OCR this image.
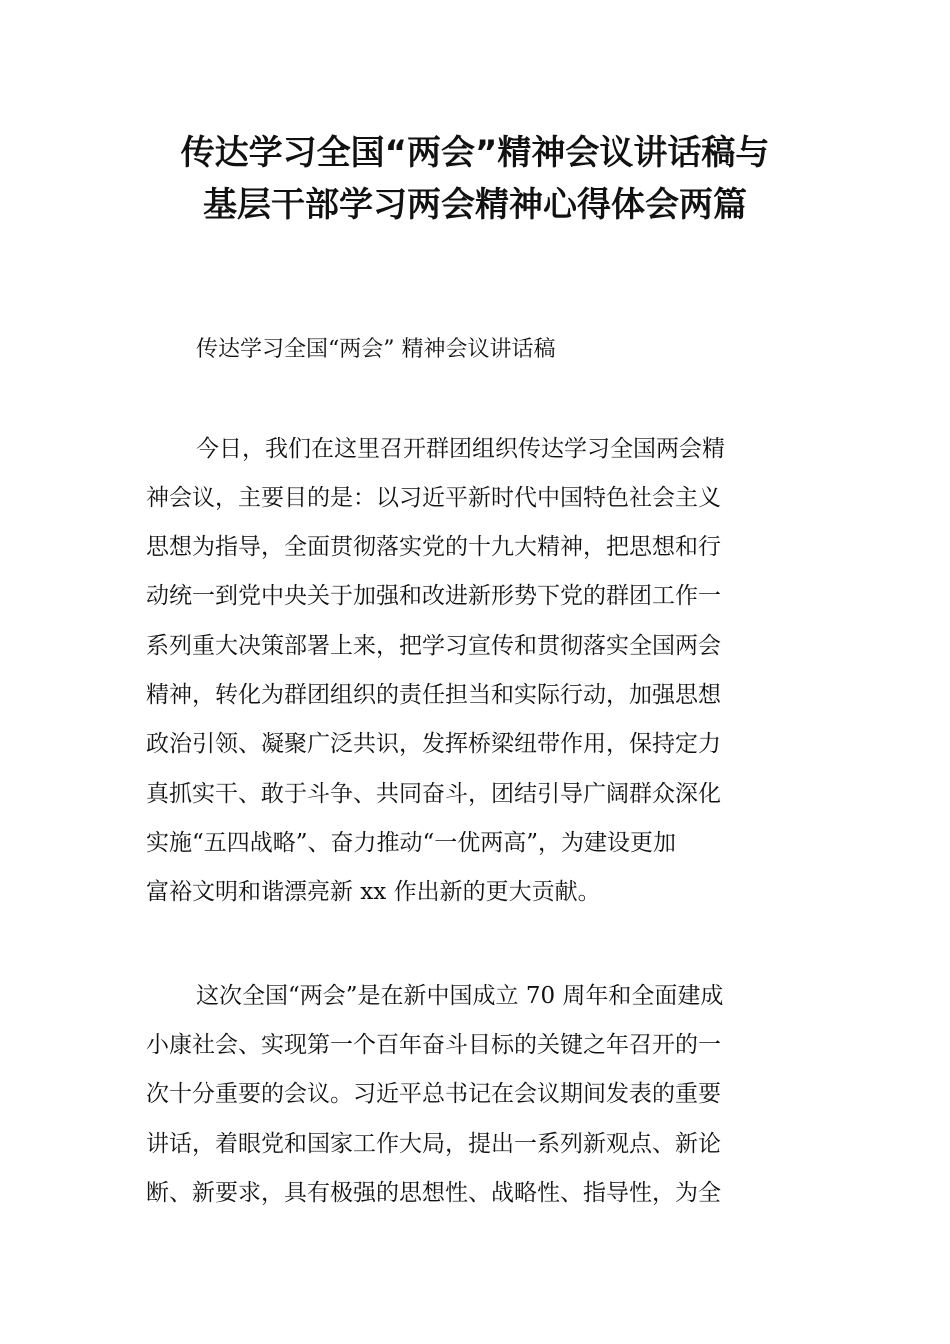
传达学习全国“两会”精神会议讲话稿与
基层干部学习两会精神心得体会两篇
传达学习全国“两会” 精神会议讲话稿
今日，我们在这里召开群团组织传达学习全国两会精
神会议，主要目的是：以习近平新时代中国特色社会主义
思想为指导，全面贯彻落实党的十九大精神，把思想和行
动统一到党中央关于加强和改进新形势下党的群团工作一
系列重大决策部署上来，把学习宣传和贯彻落实全国两会
精神，转化为群团组织的责任担当和实际行动，加强思想
政治引领、凝聚广泛共识，发挥桥梁纽带作用，保持定力
真抓实干、敢于斗争、共同奋斗，团结引导广阔群众深化
实施“五四战略”、奋力推动“一优两高”，为建设更加
富裕文明和谐漂亮新 xx 作出新的更大贡献。
这次全国“两会”是在新中国成立 70 周年和全面建成
小康社会、实现第一个百年奋斗目标的关键之年召开的一
次十分重要的会议。习近平总书记在会议期间发表的重要
讲话，着眼党和国家工作大局，提出一系列新观点、新论
断、新要求，具有极强的思想性、战略性、指导性，为全
